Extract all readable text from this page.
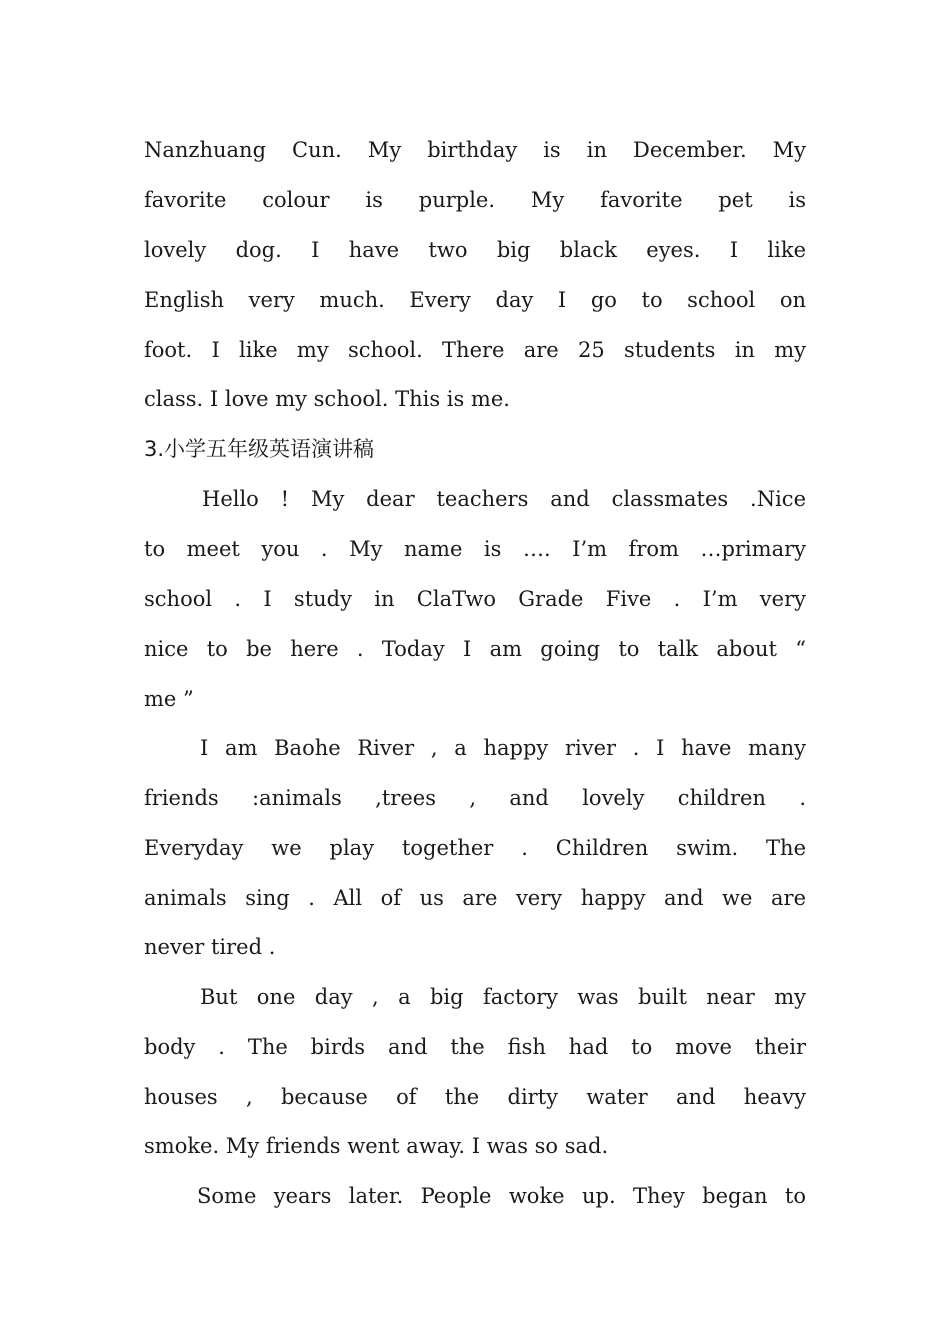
Nanzhuang Cun. My birthday is in December. My
favorite colour is purple. My favorite pet is
lovely dog. I have two big black eyes. I like
English very much. Every day I go to school on
foot. I like my school. There are 25 students in my
class. I love my school. This is me.
3.小学五年级英语演讲稿
Hello ! My dear teachers and classmates .Nice
to meet you . My name is …. I’m from …primary
school . I study in ClaTwo Grade Five . I’m very
nice to be here . Today I am going to talk about “
me ”
I am Baohe River , a happy river . I have many
friends :animals ,trees , and lovely children .
Everyday we play together . Children swim. The
animals sing . All of us are very happy and we are
never tired .
But one day , a big factory was built near my
body . The birds and the fish had to move their
houses , because of the dirty water and heavy
smoke. My friends went away. I was so sad.
Some years later. People woke up. They began to
